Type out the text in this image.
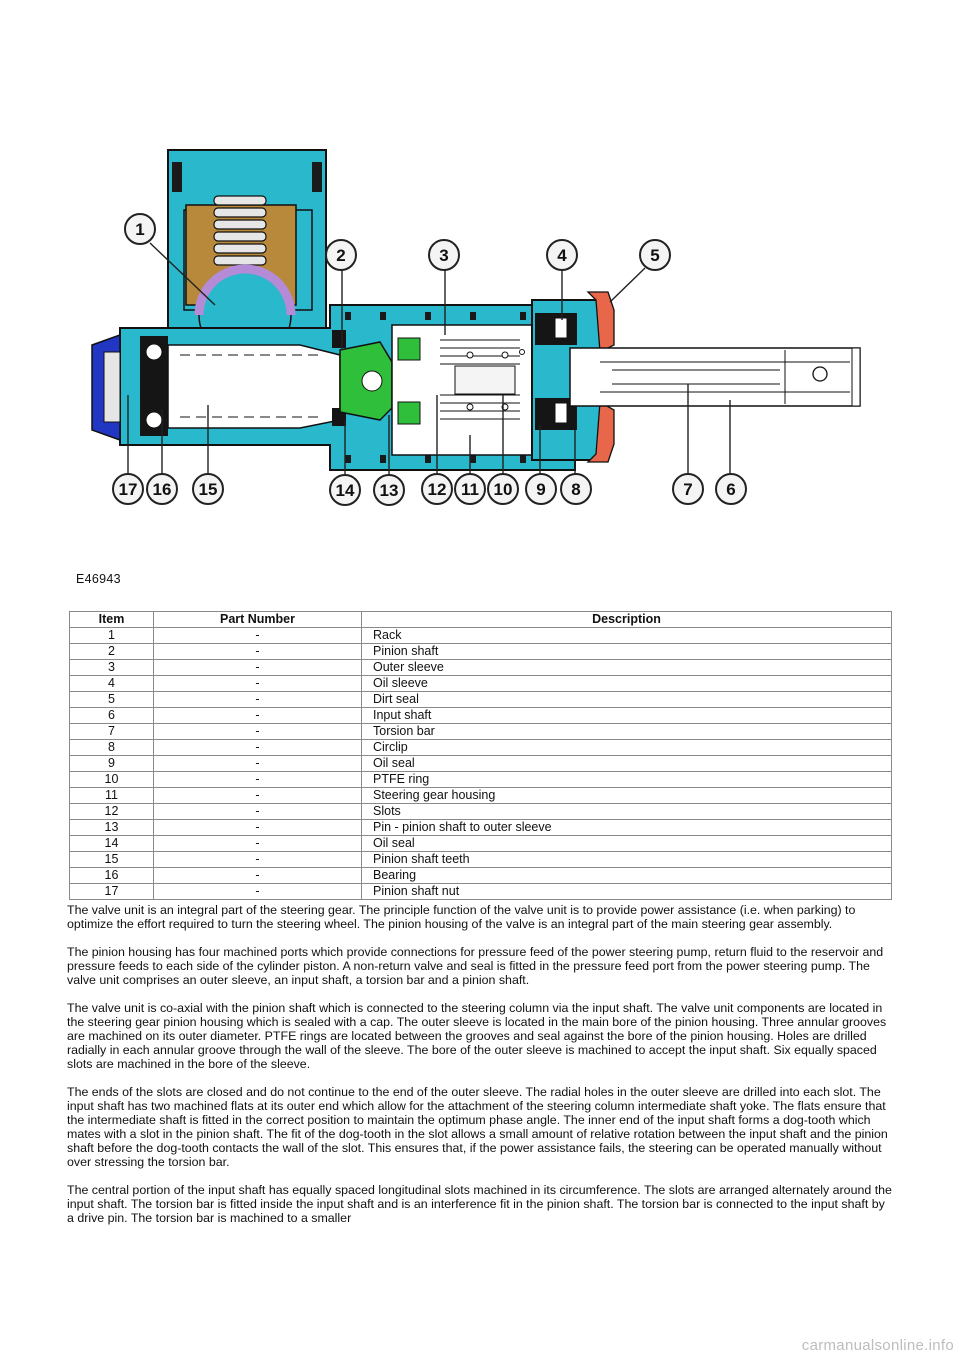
1
2	3	4	5
6
7
8
9
10
11
12
13
14
15
16
17
E46943
Item	Part Number	Description
1	-	Rack
2	-	Pinion shaft
3	-	Outer sleeve
4	-	Oil sleeve
5	-	Dirt seal
6	-	Input shaft
7	-	Torsion bar
8	-	Circlip
9	-	Oil seal
10	-	PTFE ring
11	-	Steering gear housing
12	-	Slots
13	-	Pin - pinion shaft to outer sleeve
14	-	Oil seal
15	-	Pinion shaft teeth
16	-	Bearing
17	-	Pinion shaft nut

The valve unit is an integral part of the steering gear. The principle function of the valve unit is to provide power assistance (i.e. when parking) to optimize the effort required to turn the steering wheel. The pinion housing of the valve is an integral part of the main steering gear assembly.

The pinion housing has four machined ports which provide connections for pressure feed of the power steering pump, return fluid to the reservoir and pressure feeds to each side of the cylinder piston. A non-return valve and seal is fitted in the pressure feed port from the power steering pump. The valve unit comprises an outer sleeve, an input shaft, a torsion bar and a pinion shaft.

The valve unit is co-axial with the pinion shaft which is connected to the steering column via the input shaft. The valve unit components are located in the steering gear pinion housing which is sealed with a cap. The outer sleeve is located in the main bore of the pinion housing. Three annular grooves are machined on its outer diameter. PTFE rings are located between the grooves and seal against the bore of the pinion housing. Holes are drilled radially in each annular groove through the wall of the sleeve. The bore of the outer sleeve is machined to accept the input shaft. Six equally spaced slots are machined in the bore of the sleeve.

The ends of the slots are closed and do not continue to the end of the outer sleeve. The radial holes in the outer sleeve are drilled into each slot. The input shaft has two machined flats at its outer end which allow for the attachment of the steering column intermediate shaft yoke. The flats ensure that the intermediate shaft is fitted in the correct position to maintain the optimum phase angle. The inner end of the input shaft forms a dog-tooth which mates with a slot in the pinion shaft. The fit of the dog-tooth in the slot allows a small amount of relative rotation between the input shaft and the pinion shaft before the dog-tooth contacts the wall of the slot. This ensures that, if the power assistance fails, the steering can be operated manually without over stressing the torsion bar.

The central portion of the input shaft has equally spaced longitudinal slots machined in its circumference. The slots are arranged alternately around the input shaft. The torsion bar is fitted inside the input shaft and is an interference fit in the pinion shaft. The torsion bar is connected to the input shaft by a drive pin. The torsion bar is machined to a smaller

carmanualsonline.info
